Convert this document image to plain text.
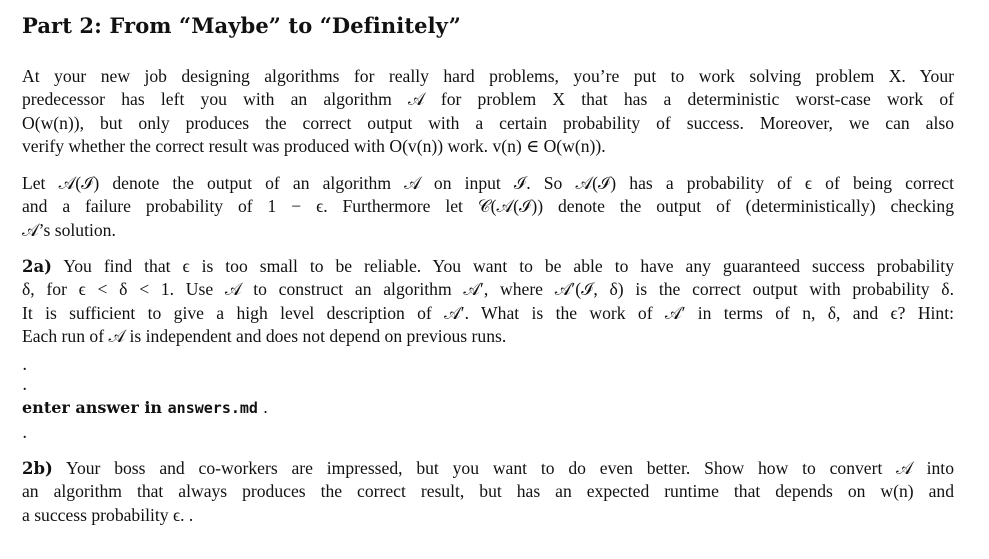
Part 2: From “Maybe” to “Definitely”

At your new job designing algorithms for really hard problems, you’re put to work solving problem X. Your
predecessor has left you with an algorithm 𝒜 for problem X that has a deterministic worst-case work of
O(w(n)), but only produces the correct output with a certain probability of success. Moreover, we can also
verify whether the correct result was produced with O(v(n)) work. v(n) ∈ O(w(n)).

Let 𝒜(ℐ) denote the output of an algorithm 𝒜 on input ℐ. So 𝒜(ℐ) has a probability of ϵ of being correct
and a failure probability of 1 − ϵ. Furthermore let 𝒞(𝒜(ℐ)) denote the output of (deterministically) checking
𝒜’s solution.

2a) You find that ϵ is too small to be reliable. You want to be able to have any guaranteed success probability
δ, for ϵ < δ < 1. Use 𝒜 to construct an algorithm 𝒜′, where 𝒜′(ℐ, δ) is the correct output with probability δ.
It is sufficient to give a high level description of 𝒜′. What is the work of 𝒜′ in terms of n, δ, and ϵ? Hint:
Each run of 𝒜 is independent and does not depend on previous runs.

.
.
enter answer in answers.md .
.

2b) Your boss and co-workers are impressed, but you want to do even better. Show how to convert 𝒜 into
an algorithm that always produces the correct result, but has an expected runtime that depends on w(n) and
a success probability ϵ. .
